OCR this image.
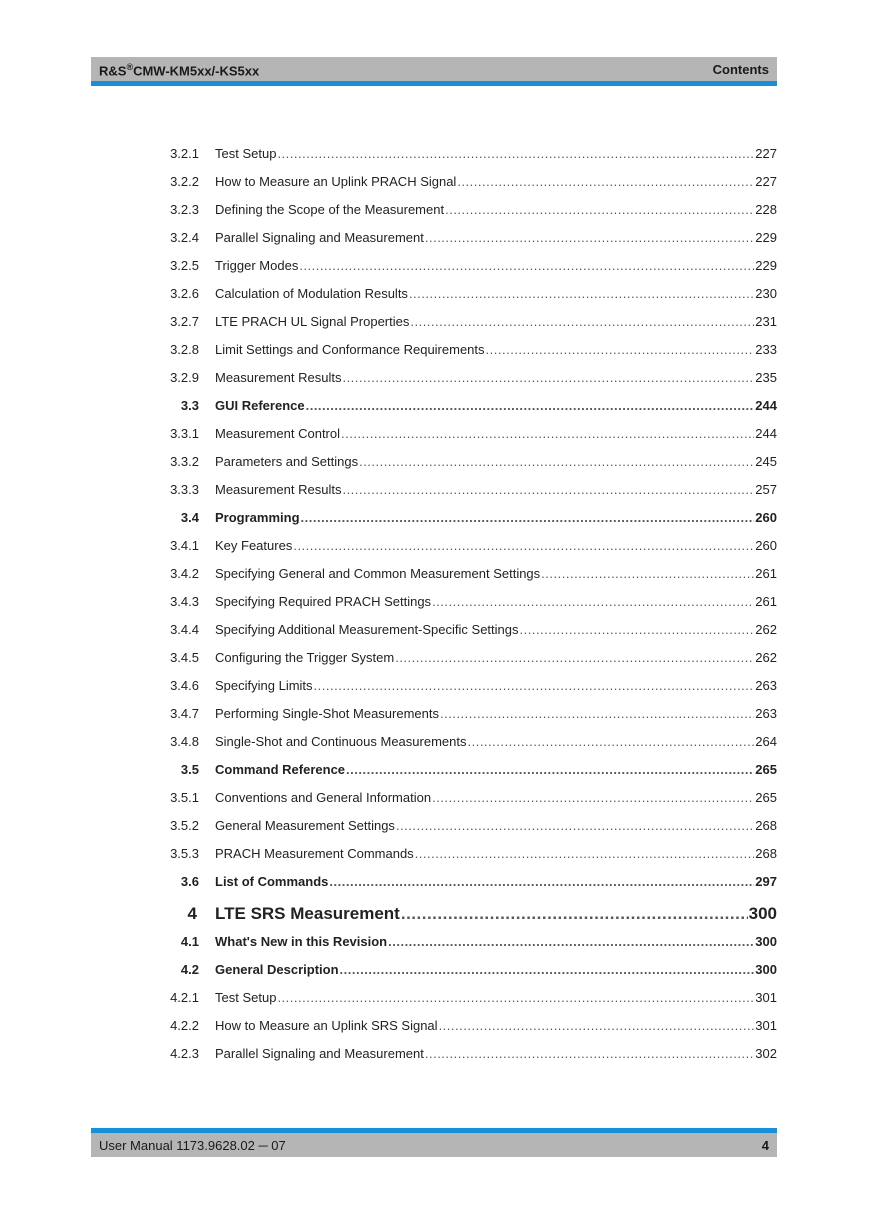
R&S®CMW-KM5xx/-KS5xx	Contents
3.2.1 Test Setup .....	227
3.2.2 How to Measure an Uplink PRACH Signal .....	227
3.2.3 Defining the Scope of the Measurement .....	228
3.2.4 Parallel Signaling and Measurement .....	229
3.2.5 Trigger Modes .....	229
3.2.6 Calculation of Modulation Results .....	230
3.2.7 LTE PRACH UL Signal Properties .....	231
3.2.8 Limit Settings and Conformance Requirements .....	233
3.2.9 Measurement Results .....	235
3.3 GUI Reference .....	244
3.3.1 Measurement Control .....	244
3.3.2 Parameters and Settings .....	245
3.3.3 Measurement Results .....	257
3.4 Programming .....	260
3.4.1 Key Features .....	260
3.4.2 Specifying General and Common Measurement Settings .....	261
3.4.3 Specifying Required PRACH Settings .....	261
3.4.4 Specifying Additional Measurement-Specific Settings .....	262
3.4.5 Configuring the Trigger System .....	262
3.4.6 Specifying Limits .....	263
3.4.7 Performing Single-Shot Measurements .....	263
3.4.8 Single-Shot and Continuous Measurements .....	264
3.5 Command Reference .....	265
3.5.1 Conventions and General Information .....	265
3.5.2 General Measurement Settings .....	268
3.5.3 PRACH Measurement Commands .....	268
3.6 List of Commands .....	297
4 LTE SRS Measurement .....	300
4.1 What's New in this Revision .....	300
4.2 General Description .....	300
4.2.1 Test Setup .....	301
4.2.2 How to Measure an Uplink SRS Signal .....	301
4.2.3 Parallel Signaling and Measurement .....	302
User Manual 1173.9628.02 ─ 07	4
